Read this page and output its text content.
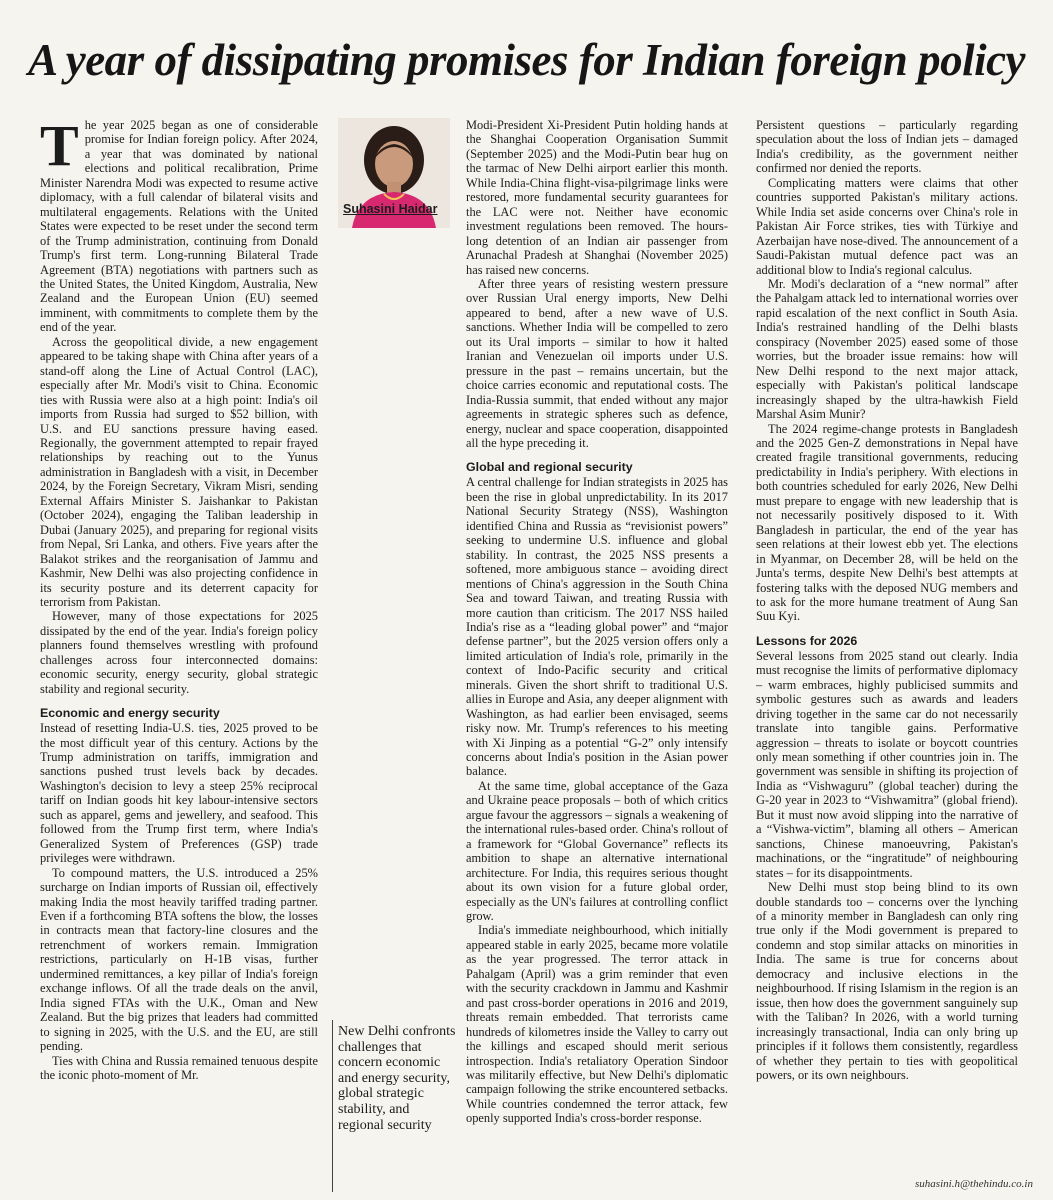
A year of dissipating promises for Indian foreign policy
T he year 2025 began as one of considerable promise for Indian foreign policy. After 2024, a year that was dominated by national elections and political recalibration, Prime Minister Narendra Modi was expected to resume active diplomacy, with a full calendar of bilateral visits and multilateral engagements. Relations with the United States were expected to be reset under the second term of the Trump administration, continuing from Donald Trump's first term. Long-running Bilateral Trade Agreement (BTA) negotiations with partners such as the United States, the United Kingdom, Australia, New Zealand and the European Union (EU) seemed imminent, with commitments to complete them by the end of the year.

Across the geopolitical divide, a new engagement appeared to be taking shape with China after years of a stand-off along the Line of Actual Control (LAC), especially after Mr. Modi's visit to China. Economic ties with Russia were also at a high point: India's oil imports from Russia had surged to $52 billion, with U.S. and EU sanctions pressure having eased. Regionally, the government attempted to repair frayed relationships by reaching out to the Yunus administration in Bangladesh with a visit, in December 2024, by the Foreign Secretary, Vikram Misri, sending External Affairs Minister S. Jaishankar to Pakistan (October 2024), engaging the Taliban leadership in Dubai (January 2025), and preparing for regional visits from Nepal, Sri Lanka, and others. Five years after the Balakot strikes and the reorganisation of Jammu and Kashmir, New Delhi was also projecting confidence in its security posture and its deterrent capacity for terrorism from Pakistan.

However, many of those expectations for 2025 dissipated by the end of the year. India's foreign policy planners found themselves wrestling with profound challenges across four interconnected domains: economic security, energy security, global strategic stability and regional security.

Economic and energy security

Instead of resetting India-U.S. ties, 2025 proved to be the most difficult year of this century. Actions by the Trump administration on tariffs, immigration and sanctions pushed trust levels back by decades. Washington's decision to levy a steep 25% reciprocal tariff on Indian goods hit key labour-intensive sectors such as apparel, gems and jewellery, and seafood. This followed from the Trump first term, where India's Generalized System of Preferences (GSP) trade privileges were withdrawn.

To compound matters, the U.S. introduced a 25% surcharge on Indian imports of Russian oil, effectively making India the most heavily tariffed trading partner. Even if a forthcoming BTA softens the blow, the losses in contracts mean that factory-line closures and the retrenchment of workers remain. Immigration restrictions, particularly on H-1B visas, further undermined remittances, a key pillar of India's foreign exchange inflows. Of all the trade deals on the anvil, India signed FTAs with the U.K., Oman and New Zealand. But the big prizes that leaders had committed to signing in 2025, with the U.S. and the EU, are still pending.

Ties with China and Russia remained tenuous despite the iconic photo-moment of Mr.

Suhasini Haidar
New Delhi confronts challenges that concern economic and energy security, global strategic stability, and regional security

Modi-President Xi-President Putin holding hands at the Shanghai Cooperation Organisation Summit (September 2025) and the Modi-Putin bear hug on the tarmac of New Delhi airport earlier this month. While India-China flight-visa-pilgrimage links were restored, more fundamental security guarantees for the LAC were not. Neither have economic investment regulations been removed. The hours-long detention of an Indian air passenger from Arunachal Pradesh at Shanghai (November 2025) has raised new concerns.

After three years of resisting western pressure over Russian Ural energy imports, New Delhi appeared to bend, after a new wave of U.S. sanctions. Whether India will be compelled to zero out its Ural imports – similar to how it halted Iranian and Venezuelan oil imports under U.S. pressure in the past – remains uncertain, but the choice carries economic and reputational costs. The India-Russia summit, that ended without any major agreements in strategic spheres such as defence, energy, nuclear and space cooperation, disappointed all the hype preceding it.

Global and regional security

A central challenge for Indian strategists in 2025 has been the rise in global unpredictability. In its 2017 National Security Strategy (NSS), Washington identified China and Russia as “revisionist powers” seeking to undermine U.S. influence and global stability. In contrast, the 2025 NSS presents a softened, more ambiguous stance – avoiding direct mentions of China's aggression in the South China Sea and toward Taiwan, and treating Russia with more caution than criticism. The 2017 NSS hailed India's rise as a “leading global power” and “major defense partner”, but the 2025 version offers only a limited articulation of India's role, primarily in the context of Indo-Pacific security and critical minerals. Given the short shrift to traditional U.S. allies in Europe and Asia, any deeper alignment with Washington, as had earlier been envisaged, seems risky now. Mr. Trump's references to his meeting with Xi Jinping as a potential “G-2” only intensify concerns about India's position in the Asian power balance.

At the same time, global acceptance of the Gaza and Ukraine peace proposals – both of which critics argue favour the aggressors – signals a weakening of the international rules-based order. China's rollout of a framework for “Global Governance” reflects its ambition to shape an alternative international architecture. For India, this requires serious thought about its own vision for a future global order, especially as the UN's failures at controlling conflict grow.

India's immediate neighbourhood, which initially appeared stable in early 2025, became more volatile as the year progressed. The terror attack in Pahalgam (April) was a grim reminder that even with the security crackdown in Jammu and Kashmir and past cross-border operations in 2016 and 2019, threats remain embedded. That terrorists came hundreds of kilometres inside the Valley to carry out the killings and escaped should merit serious introspection. India's retaliatory Operation Sindoor was militarily effective, but New Delhi's diplomatic campaign following the strike encountered setbacks. While countries condemned the terror attack, few openly supported India's cross-border response.

Persistent questions – particularly regarding speculation about the loss of Indian jets – damaged India's credibility, as the government neither confirmed nor denied the reports.

Complicating matters were claims that other countries supported Pakistan's military actions. While India set aside concerns over China's role in Pakistan Air Force strikes, ties with Türkiye and Azerbaijan have nose-dived. The announcement of a Saudi-Pakistan mutual defence pact was an additional blow to India's regional calculus.

Mr. Modi's declaration of a “new normal” after the Pahalgam attack led to international worries over rapid escalation of the next conflict in South Asia. India's restrained handling of the Delhi blasts conspiracy (November 2025) eased some of those worries, but the broader issue remains: how will New Delhi respond to the next major attack, especially with Pakistan's political landscape increasingly shaped by the ultra-hawkish Field Marshal Asim Munir?

The 2024 regime-change protests in Bangladesh and the 2025 Gen-Z demonstrations in Nepal have created fragile transitional governments, reducing predictability in India's periphery. With elections in both countries scheduled for early 2026, New Delhi must prepare to engage with new leadership that is not necessarily positively disposed to it. With Bangladesh in particular, the end of the year has seen relations at their lowest ebb yet. The elections in Myanmar, on December 28, will be held on the Junta's terms, despite New Delhi's best attempts at fostering talks with the deposed NUG members and to ask for the more humane treatment of Aung San Suu Kyi.

Lessons for 2026

Several lessons from 2025 stand out clearly. India must recognise the limits of performative diplomacy – warm embraces, highly publicised summits and symbolic gestures such as awards and leaders driving together in the same car do not necessarily translate into tangible gains. Performative aggression – threats to isolate or boycott countries only mean something if other countries join in. The government was sensible in shifting its projection of India as “Vishwaguru” (global teacher) during the G-20 year in 2023 to “Vishwamitra” (global friend). But it must now avoid slipping into the narrative of a “Vishwa-victim”, blaming all others – American sanctions, Chinese manoeuvring, Pakistan's machinations, or the “ingratitude” of neighbouring states – for its disappointments.

New Delhi must stop being blind to its own double standards too – concerns over the lynching of a minority member in Bangladesh can only ring true only if the Modi government is prepared to condemn and stop similar attacks on minorities in India. The same is true for concerns about democracy and inclusive elections in the neighbourhood. If rising Islamism in the region is an issue, then how does the government sanguinely sup with the Taliban? In 2026, with a world turning increasingly transactional, India can only bring up principles if it follows them consistently, regardless of whether they pertain to ties with geopolitical powers, or its own neighbours.

suhasini.h@thehindu.co.in
